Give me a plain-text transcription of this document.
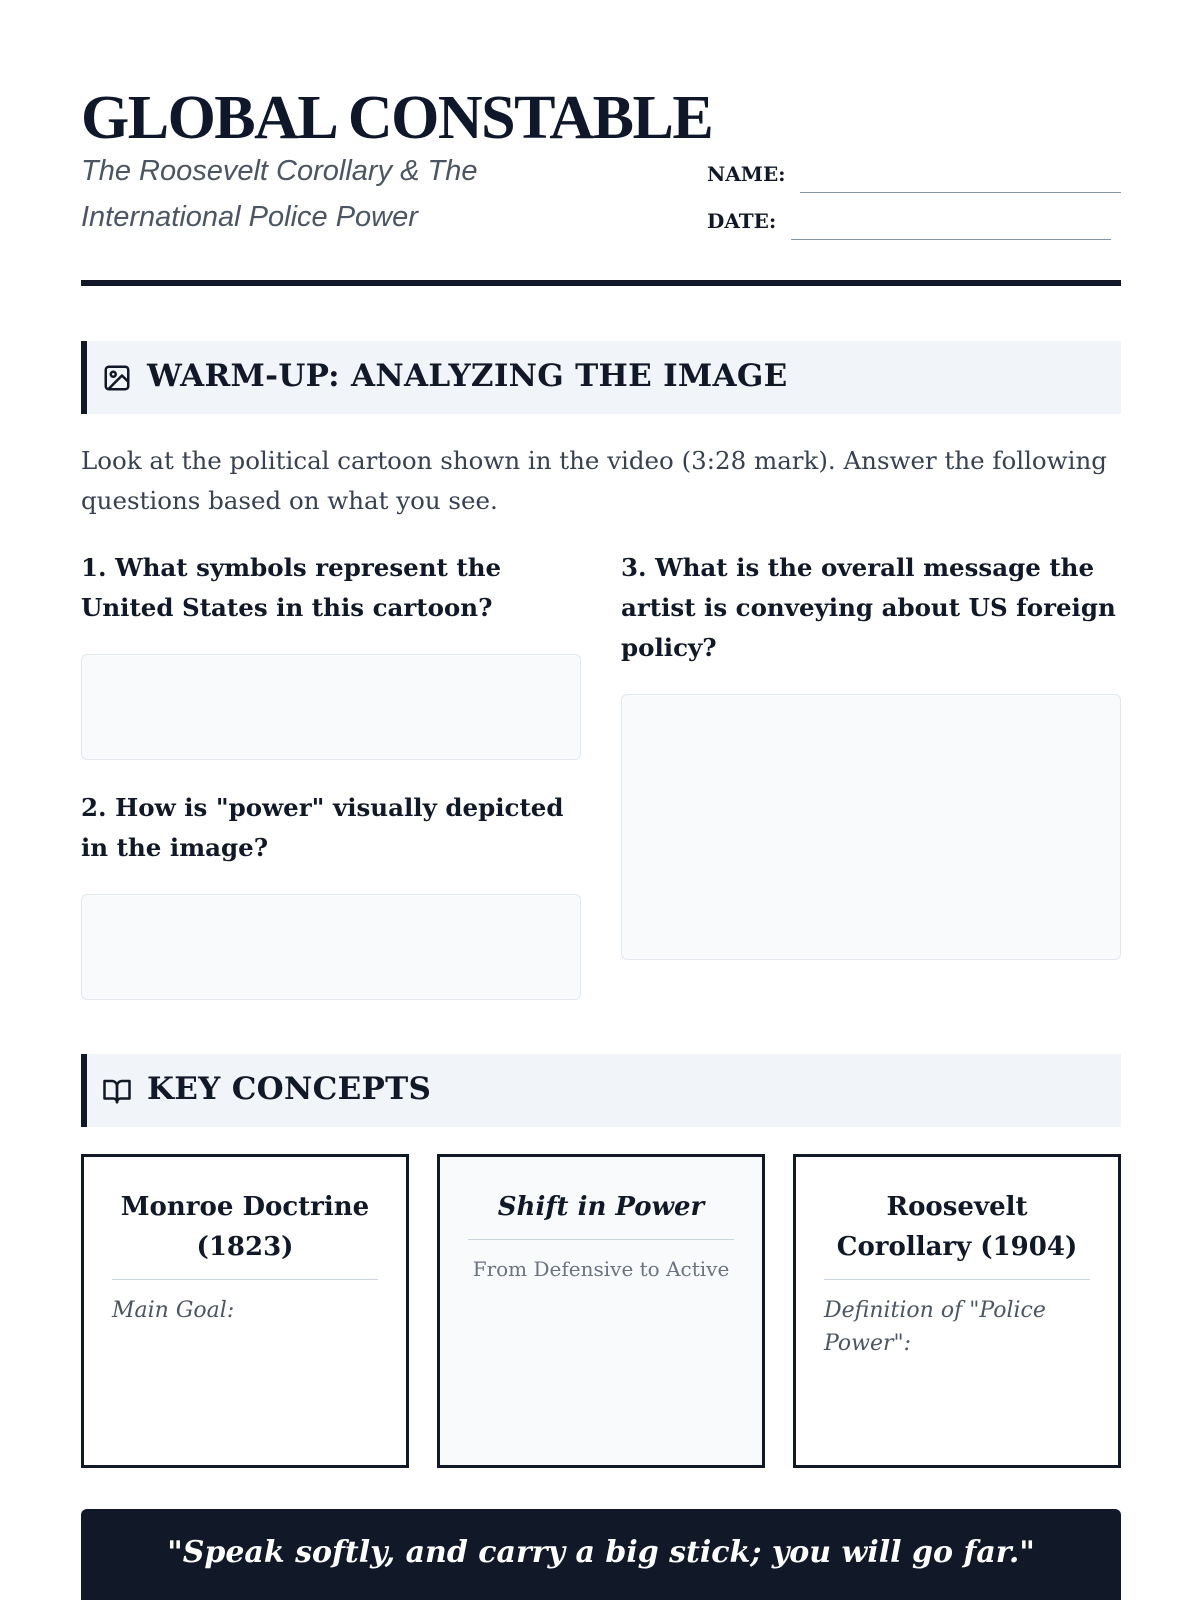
GLOBAL CONSTABLE
The Roosevelt Corollary & The International Police Power
NAME:
DATE:
WARM-UP: ANALYZING THE IMAGE
Look at the political cartoon shown in the video (3:28 mark). Answer the following questions based on what you see.
1. What symbols represent the United States in this cartoon?
2. How is "power" visually depicted in the image?
3. What is the overall message the artist is conveying about US foreign policy?
KEY CONCEPTS
Monroe Doctrine (1823)
Main Goal:
Shift in Power
From Defensive to Active
Roosevelt Corollary (1904)
Definition of "Police Power":
"Speak softly, and carry a big stick; you will go far."
